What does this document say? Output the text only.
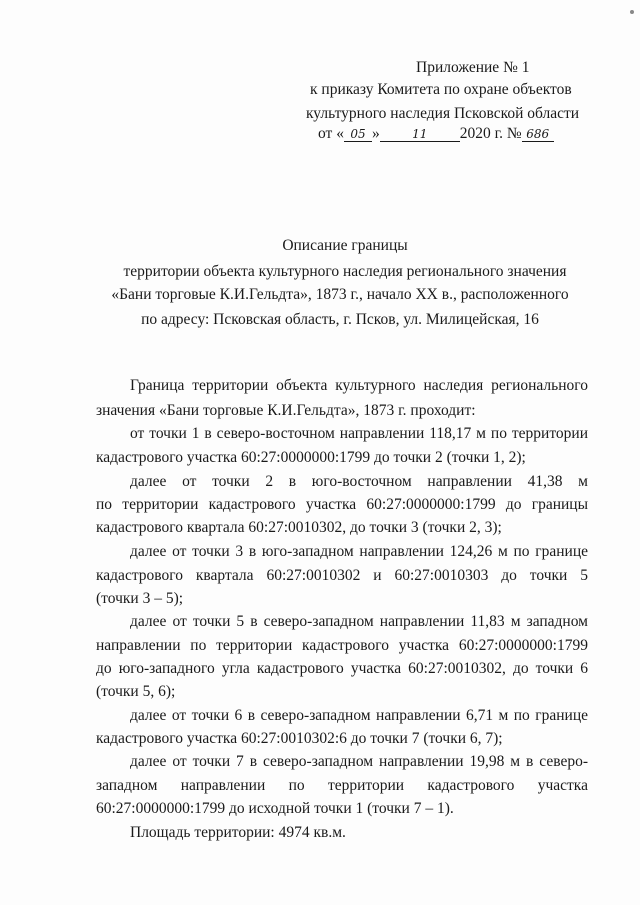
Приложение № 1
к приказу Комитета по охране объектов
культурного наследия Псковской области
от « 05 »	11 2020 г. № 686
Описание границы
территории объекта культурного наследия регионального значения
«Бани торговые К.И.Гельдта», 1873 г., начало XX в., расположенного
по адресу: Псковская область, г. Псков, ул. Милицейская, 16
Граница территории объекта культурного наследия регионального
значения «Бани торговые К.И.Гельдта», 1873 г. проходит:
от точки 1 в северо-восточном направлении 118,17 м по территории
кадастрового участка 60:27:0000000:1799 до точки 2 (точки 1, 2);
далее от точки 2 в юго-восточном направлении 41,38 м
по территории кадастрового участка 60:27:0000000:1799 до границы
кадастрового квартала 60:27:0010302, до точки 3 (точки 2, 3);
далее от точки 3 в юго-западном направлении 124,26 м по границе
кадастрового квартала 60:27:0010302 и 60:27:0010303 до точки 5
(точки 3 – 5);
далее от точки 5 в северо-западном направлении 11,83 м западном
направлении по территории кадастрового участка 60:27:0000000:1799
до юго-западного угла кадастрового участка 60:27:0010302, до точки 6
(точки 5, 6);
далее от точки 6 в северо-западном направлении 6,71 м по границе
кадастрового участка 60:27:0010302:6 до точки 7 (точки 6, 7);
далее от точки 7 в северо-западном направлении 19,98 м в северо-
западном направлении по территории кадастрового участка
60:27:0000000:1799 до исходной точки 1 (точки 7 – 1).
Площадь территории: 4974 кв.м.
